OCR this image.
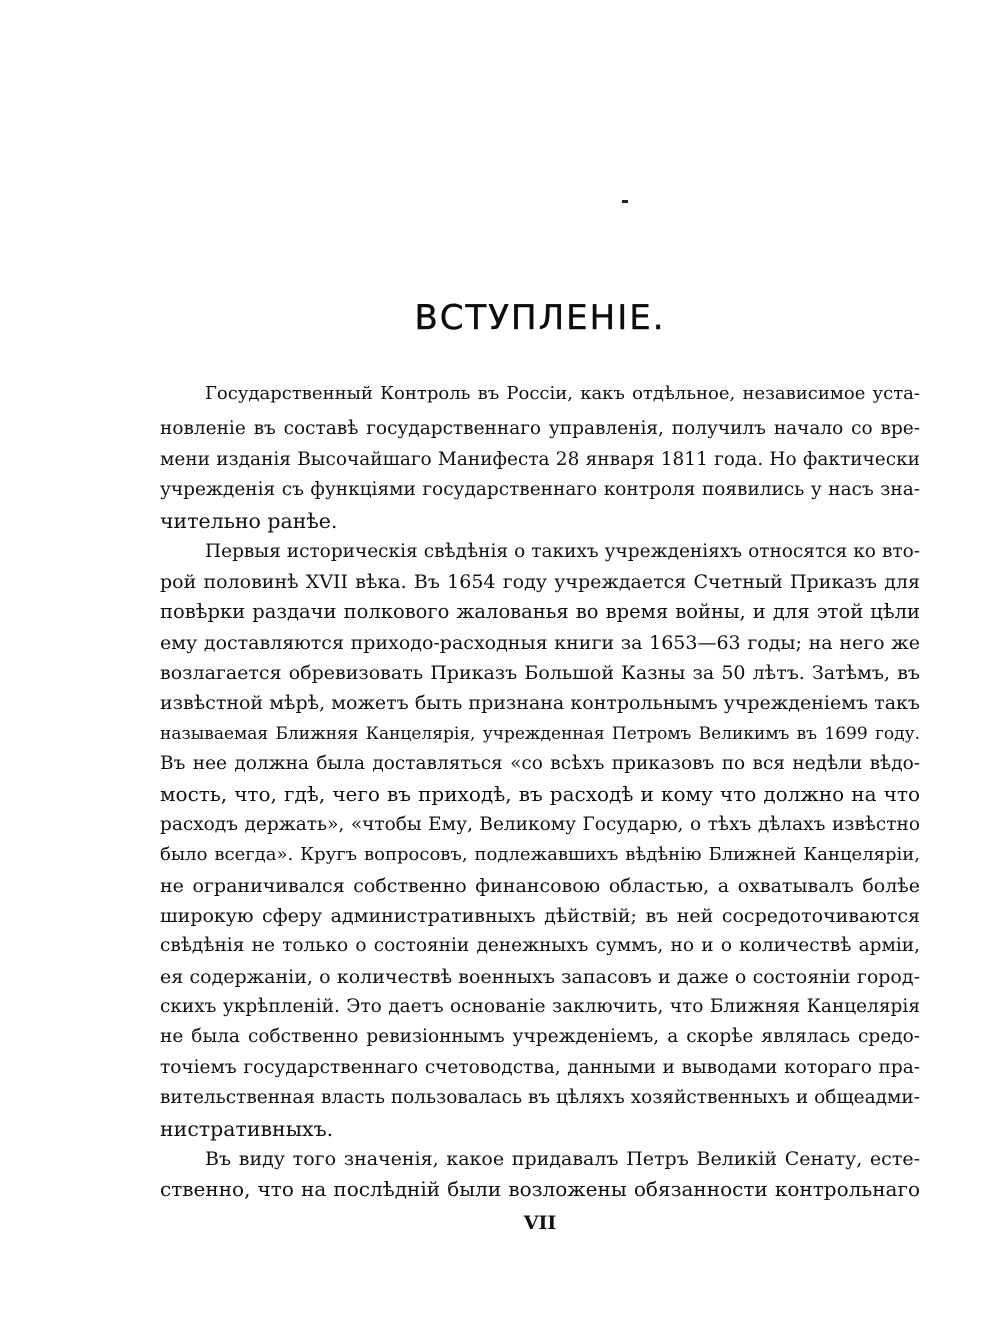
ВСТУПЛЕНІЕ.

Государственный Контроль въ Россіи, какъ отдѣльное, независимое уста-

новленіе въ составѣ государственнаго управленія, получилъ начало со вре-

мени изданія Высочайшаго Манифеста 28 января 1811 года. Но фактически

учрежденія съ функціями государственнаго контроля появились у насъ зна-

чительно ранѣе.

Первыя историческія свѣдѣнія о такихъ учрежденіяхъ относятся ко вто-

рой половинѣ XVII вѣка. Въ 1654 году учреждается Счетный Приказъ для

повѣрки раздачи полкового жалованья во время войны, и для этой цѣли

ему доставляются приходо-расходныя книги за 1653—63 годы; на него же

возлагается обревизовать Приказъ Большой Казны за 50 лѣтъ. Затѣмъ, въ

извѣстной мѣрѣ, можетъ быть признана контрольнымъ учрежденіемъ такъ

называемая Ближняя Канцелярія, учрежденная Петромъ Великимъ въ 1699 году.

Въ нее должна была доставляться «со всѣхъ приказовъ по вся недѣли вѣдо-

мость, что, гдѣ, чего въ приходѣ, въ расходѣ и кому что должно на что

расходъ держать», «чтобы Ему, Великому Государю, о тѣхъ дѣлахъ извѣстно

было всегда». Кругъ вопросовъ, подлежавшихъ вѣдѣнію Ближней Канцеляріи,

не ограничивался собственно финансовою областью, а охватывалъ болѣе

широкую сферу административныхъ дѣйствій; въ ней сосредоточиваются

свѣдѣнія не только о состояніи денежныхъ суммъ, но и о количествѣ арміи,

ея содержаніи, о количествѣ военныхъ запасовъ и даже о состояніи город-

скихъ укрѣпленій. Это даетъ основаніе заключить, что Ближняя Канцелярія

не была собственно ревизіоннымъ учрежденіемъ, а скорѣе являлась средо-

точіемъ государственнаго счетоводства, данными и выводами котораго пра-

вительственная власть пользовалась въ цѣляхъ хозяйственныхъ и общеадми-

нистративныхъ.

Въ виду того значенія, какое придавалъ Петръ Великій Сенату, есте-

ственно, что на послѣдній были возложены обязанности контрольнаго

VII
